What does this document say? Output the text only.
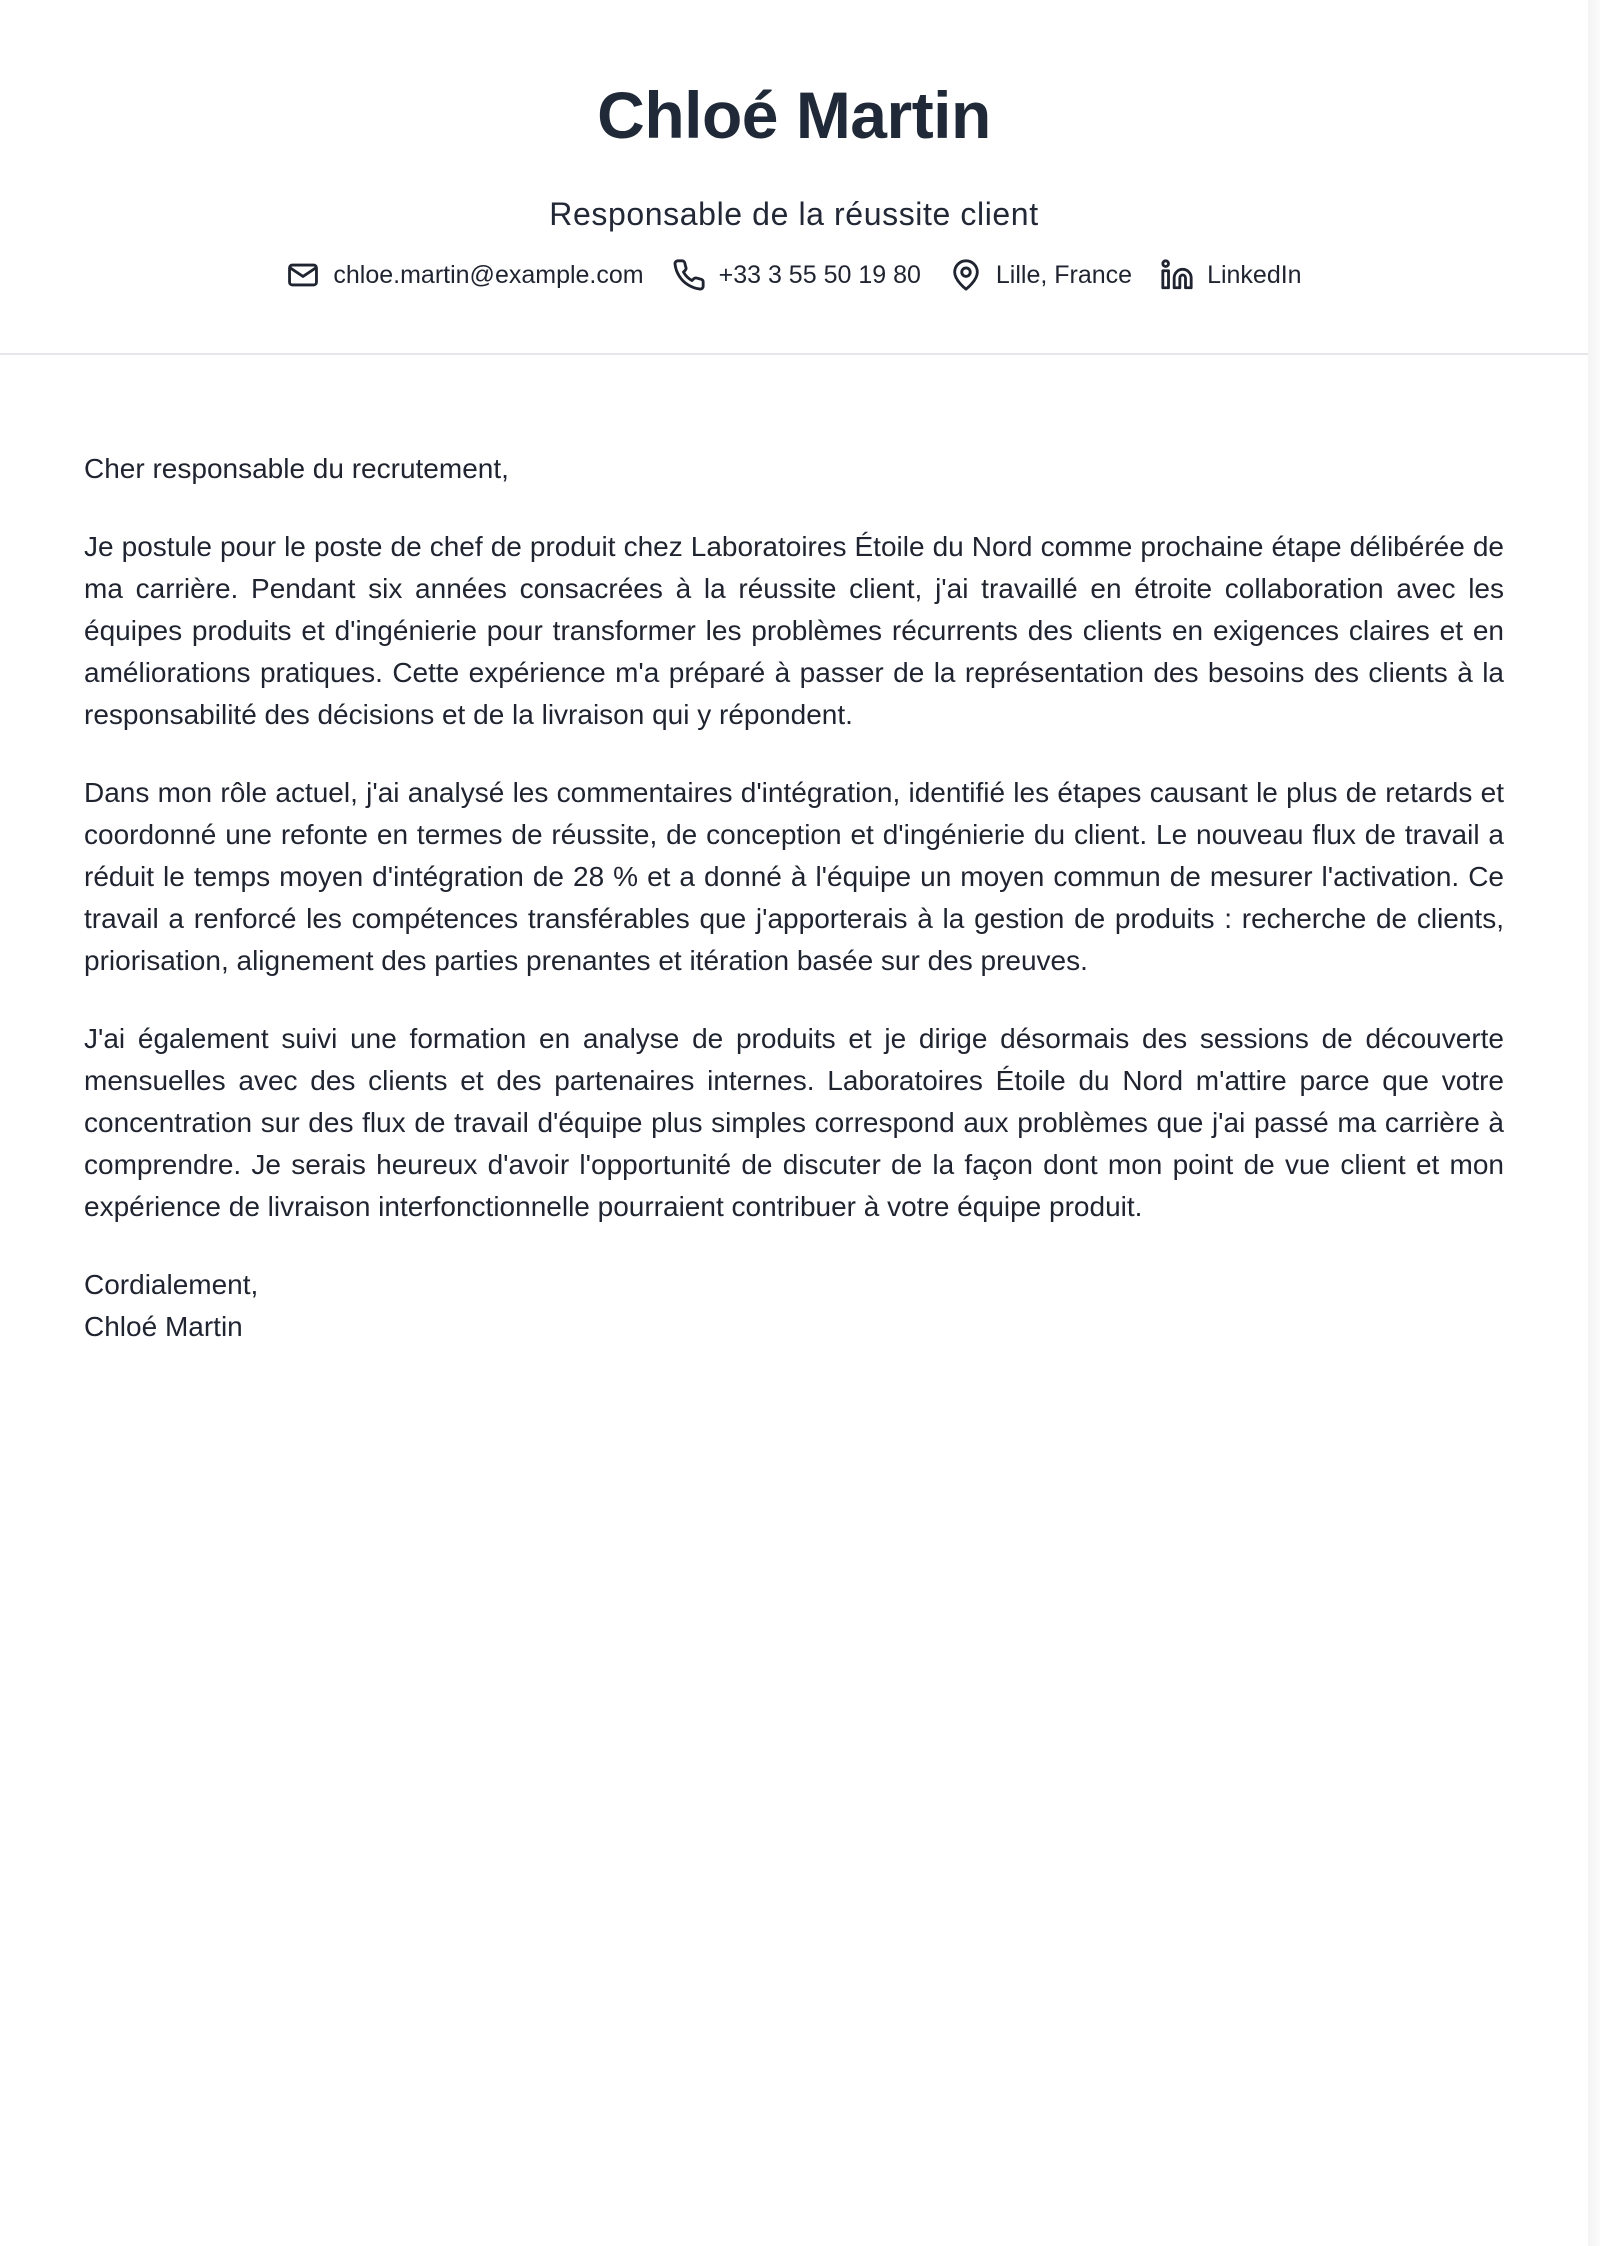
Chloé Martin
Responsable de la réussite client
chloe.martin@example.com	+33 3 55 50 19 80	Lille, France	LinkedIn

Cher responsable du recrutement,

Je postule pour le poste de chef de produit chez Laboratoires Étoile du Nord comme prochaine étape délibérée de ma carrière. Pendant six années consacrées à la réussite client, j'ai travaillé en étroite collaboration avec les équipes produits et d'ingénierie pour transformer les problèmes récurrents des clients en exigences claires et en améliorations pratiques. Cette expérience m'a préparé à passer de la représentation des besoins des clients à la responsabilité des décisions et de la livraison qui y répondent.

Dans mon rôle actuel, j'ai analysé les commentaires d'intégration, identifié les étapes causant le plus de retards et coordonné une refonte en termes de réussite, de conception et d'ingénierie du client. Le nouveau flux de travail a réduit le temps moyen d'intégration de 28 % et a donné à l'équipe un moyen commun de mesurer l'activation. Ce travail a renforcé les compétences transférables que j'apporterais à la gestion de produits : recherche de clients, priorisation, alignement des parties prenantes et itération basée sur des preuves.

J'ai également suivi une formation en analyse de produits et je dirige désormais des sessions de découverte mensuelles avec des clients et des partenaires internes. Laboratoires Étoile du Nord m'attire parce que votre concentration sur des flux de travail d'équipe plus simples correspond aux problèmes que j'ai passé ma carrière à comprendre. Je serais heureux d'avoir l'opportunité de discuter de la façon dont mon point de vue client et mon expérience de livraison interfonctionnelle pourraient contribuer à votre équipe produit.

Cordialement,
Chloé Martin
